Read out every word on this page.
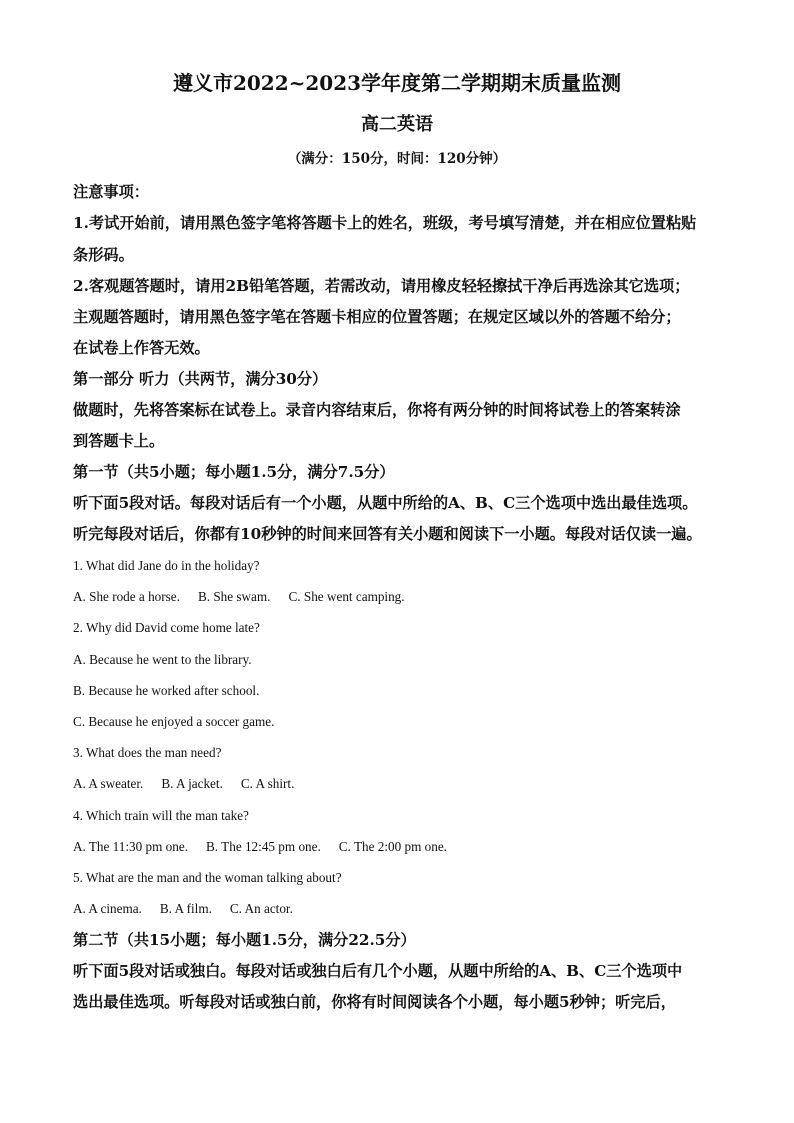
遵义市2022~2023学年度第二学期期末质量监测
高二英语
（满分：150分，时间：120分钟）
注意事项：
1.考试开始前，请用黑色签字笔将答题卡上的姓名，班级，考号填写清楚，并在相应位置粘贴
条形码。
2.客观题答题时，请用2B铅笔答题，若需改动，请用橡皮轻轻擦拭干净后再选涂其它选项；
主观题答题时，请用黑色签字笔在答题卡相应的位置答题；在规定区域以外的答题不给分；
在试卷上作答无效。
第一部分 听力（共两节，满分30分）
做题时，先将答案标在试卷上。录音内容结束后，你将有两分钟的时间将试卷上的答案转涂
到答题卡上。
第一节（共5小题；每小题1.5分，满分7.5分）
听下面5段对话。每段对话后有一个小题，从题中所给的A、B、C三个选项中选出最佳选项。
听完每段对话后，你都有10秒钟的时间来回答有关小题和阅读下一小题。每段对话仅读一遍。
1. What did Jane do in the holiday?
A. She rode a horse. B. She swam. C. She went camping.
2. Why did David come home late?
A. Because he went to the library.
B. Because he worked after school.
C. Because he enjoyed a soccer game.
3. What does the man need?
A. A sweater. B. A jacket. C. A shirt.
4. Which train will the man take?
A. The 11:30 pm one. B. The 12:45 pm one. C. The 2:00 pm one.
5. What are the man and the woman talking about?
A. A cinema. B. A film. C. An actor.
第二节（共15小题；每小题1.5分，满分22.5分）
听下面5段对话或独白。每段对话或独白后有几个小题，从题中所给的A、B、C三个选项中
选出最佳选项。听每段对话或独白前，你将有时间阅读各个小题，每小题5秒钟；听完后，
